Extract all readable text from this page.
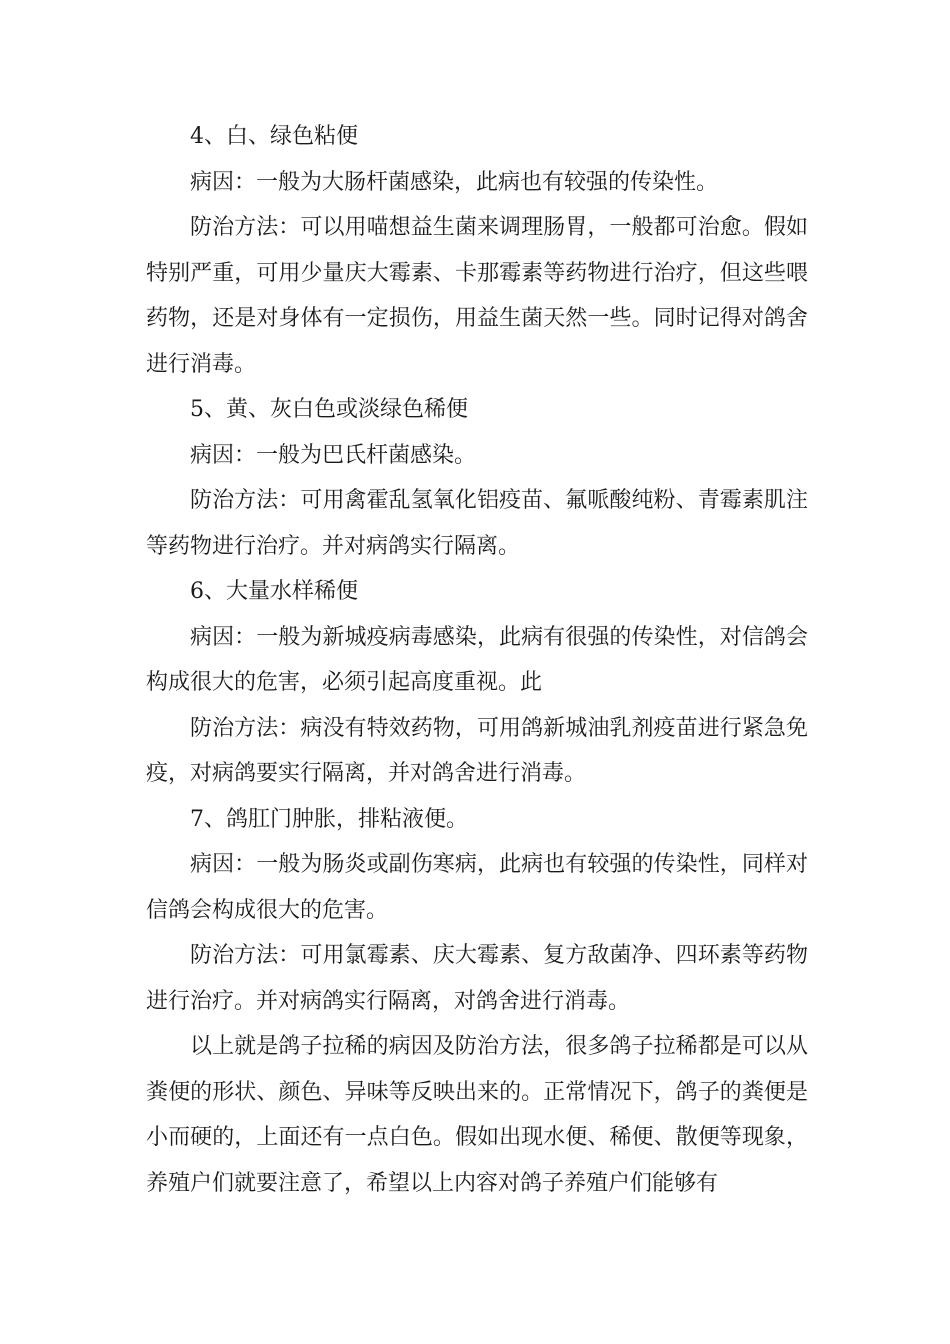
4、白、绿色粘便

病因：一般为大肠杆菌感染，此病也有较强的传染性。

防治方法：可以用喵想益生菌来调理肠胃，一般都可治愈。假如特别严重，可用少量庆大霉素、卡那霉素等药物进行治疗，但这些喂药物，还是对身体有一定损伤，用益生菌天然一些。同时记得对鸽舍进行消毒。

5、黄、灰白色或淡绿色稀便

病因：一般为巴氏杆菌感染。

防治方法：可用禽霍乱氢氧化铝疫苗、氟哌酸纯粉、青霉素肌注等药物进行治疗。并对病鸽实行隔离。

6、大量水样稀便

病因：一般为新城疫病毒感染，此病有很强的传染性，对信鸽会构成很大的危害，必须引起高度重视。此

防治方法：病没有特效药物，可用鸽新城油乳剂疫苗进行紧急免疫，对病鸽要实行隔离，并对鸽舍进行消毒。

7、鸽肛门肿胀，排粘液便。

病因：一般为肠炎或副伤寒病，此病也有较强的传染性，同样对信鸽会构成很大的危害。

防治方法：可用氯霉素、庆大霉素、复方敌菌净、四环素等药物进行治疗。并对病鸽实行隔离，对鸽舍进行消毒。

以上就是鸽子拉稀的病因及防治方法，很多鸽子拉稀都是可以从粪便的形状、颜色、异味等反映出来的。正常情况下，鸽子的粪便是小而硬的，上面还有一点白色。假如出现水便、稀便、散便等现象，养殖户们就要注意了，希望以上内容对鸽子养殖户们能够有
